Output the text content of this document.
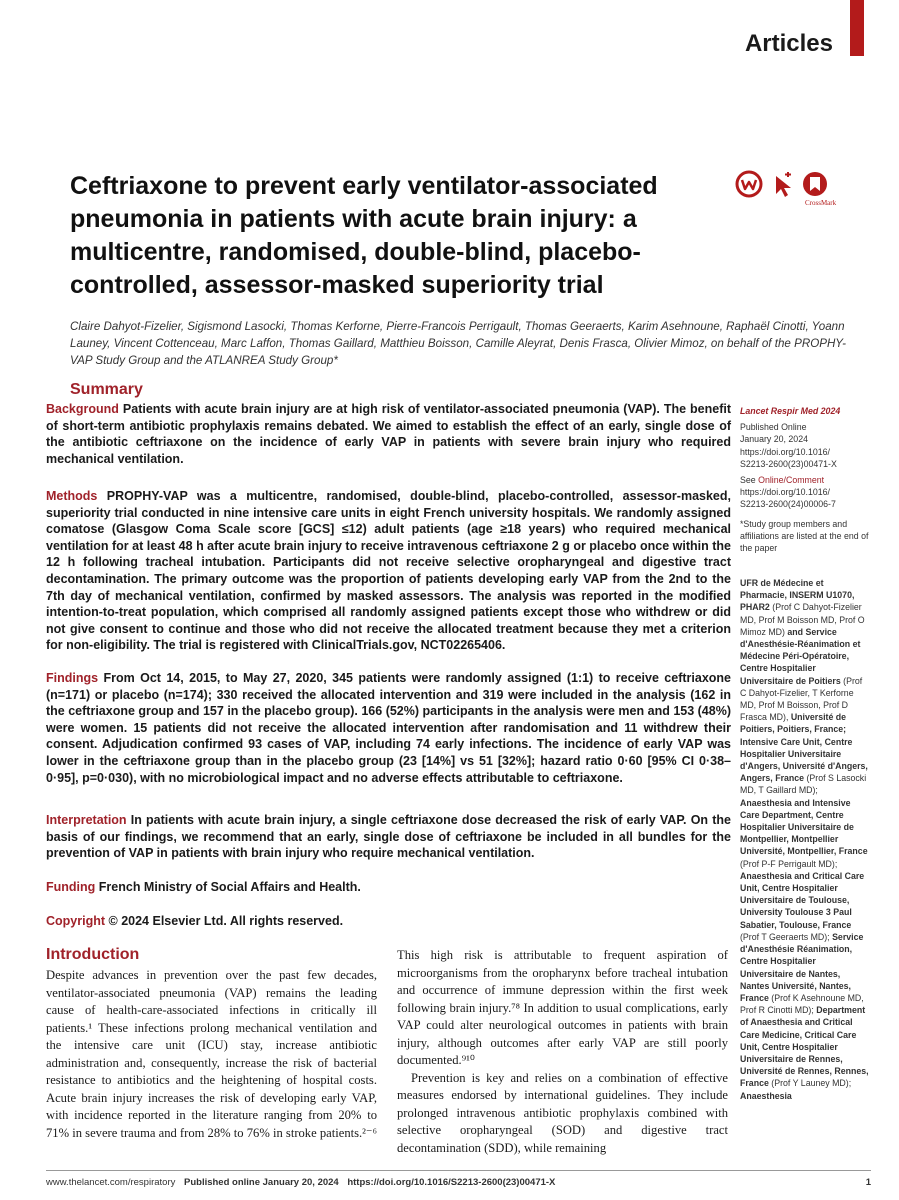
Articles
Ceftriaxone to prevent early ventilator-associated pneumonia in patients with acute brain injury: a multicentre, randomised, double-blind, placebo-controlled, assessor-masked superiority trial
CrossMark
Claire Dahyot-Fizelier, Sigismond Lasocki, Thomas Kerforne, Pierre-Francois Perrigault, Thomas Geeraerts, Karim Asehnoune, Raphaël Cinotti, Yoann Launey, Vincent Cottenceau, Marc Laffon, Thomas Gaillard, Matthieu Boisson, Camille Aleyrat, Denis Frasca, Olivier Mimoz, on behalf of the PROPHY-VAP Study Group and the ATLANREA Study Group*
Summary
Background Patients with acute brain injury are at high risk of ventilator-associated pneumonia (VAP). The benefit of short-term antibiotic prophylaxis remains debated. We aimed to establish the effect of an early, single dose of the antibiotic ceftriaxone on the incidence of early VAP in patients with severe brain injury who required mechanical ventilation.
Methods PROPHY-VAP was a multicentre, randomised, double-blind, placebo-controlled, assessor-masked, superiority trial conducted in nine intensive care units in eight French university hospitals. We randomly assigned comatose (Glasgow Coma Scale score [GCS] ≤12) adult patients (age ≥18 years) who required mechanical ventilation for at least 48 h after acute brain injury to receive intravenous ceftriaxone 2 g or placebo once within the 12 h following tracheal intubation. Participants did not receive selective oropharyngeal and digestive tract decontamination. The primary outcome was the proportion of patients developing early VAP from the 2nd to the 7th day of mechanical ventilation, confirmed by masked assessors. The analysis was reported in the modified intention-to-treat population, which comprised all randomly assigned patients except those who withdrew or did not give consent to continue and those who did not receive the allocated treatment because they met a criterion for non-eligibility. The trial is registered with ClinicalTrials.gov, NCT02265406.
Findings From Oct 14, 2015, to May 27, 2020, 345 patients were randomly assigned (1:1) to receive ceftriaxone (n=171) or placebo (n=174); 330 received the allocated intervention and 319 were included in the analysis (162 in the ceftriaxone group and 157 in the placebo group). 166 (52%) participants in the analysis were men and 153 (48%) were women. 15 patients did not receive the allocated intervention after randomisation and 11 withdrew their consent. Adjudication confirmed 93 cases of VAP, including 74 early infections. The incidence of early VAP was lower in the ceftriaxone group than in the placebo group (23 [14%] vs 51 [32%]; hazard ratio 0·60 [95% CI 0·38–0·95], p=0·030), with no microbiological impact and no adverse effects attributable to ceftriaxone.
Interpretation In patients with acute brain injury, a single ceftriaxone dose decreased the risk of early VAP. On the basis of our findings, we recommend that an early, single dose of ceftriaxone be included in all bundles for the prevention of VAP in patients with brain injury who require mechanical ventilation.
Funding French Ministry of Social Affairs and Health.
Copyright © 2024 Elsevier Ltd. All rights reserved.
Introduction

Despite advances in prevention over the past few decades, ventilator-associated pneumonia (VAP) remains the leading cause of health-care-associated infections in critically ill patients.¹ These infections prolong mechanical ventilation and the intensive care unit (ICU) stay, increase antibiotic administration and, consequently, increase the risk of bacterial resistance to antibiotics and the heightening of hospital costs. Acute brain injury increases the risk of developing early VAP, with incidence reported in the literature ranging from 20% to 71% in severe trauma and from 28% to 76% in stroke patients.²⁻⁶

This high risk is attributable to frequent aspiration of microorganisms from the oropharynx before tracheal intubation and occurrence of immune depression within the first week following brain injury.⁷⁸ In addition to usual complications, early VAP could alter neurological outcomes in patients with brain injury, although outcomes after early VAP are still poorly documented.⁹¹⁰

Prevention is key and relies on a combination of effective measures endorsed by international guidelines. They include prolonged intravenous antibiotic prophylaxis combined with selective oropharyngeal (SOD) and digestive tract decontamination (SDD), while remaining

Lancet Respir Med 2024
Published Online
January 20, 2024
https://doi.org/10.1016/
S2213-2600(23)00471-X
See Online/Comment
https://doi.org/10.1016/
S2213-2600(24)00006-7
*Study group members and affiliations are listed at the end of the paper
UFR de Médecine et Pharmacie, INSERM U1070, PHAR2 (Prof C Dahyot-Fizelier MD, Prof M Boisson MD, Prof O Mimoz MD) and Service d'Anesthésie-Réanimation et Médecine Péri-Opératoire, Centre Hospitalier Universitaire de Poitiers (Prof C Dahyot-Fizelier, T Kerforne MD, Prof M Boisson, Prof D Frasca MD), Université de Poitiers, Poitiers, France; Intensive Care Unit, Centre Hospitalier Universitaire d'Angers, Université d'Angers, Angers, France (Prof S Lasocki MD, T Gaillard MD); Anaesthesia and Intensive Care Department, Centre Hospitalier Universitaire de Montpellier, Montpellier Université, Montpellier, France (Prof P-F Perrigault MD); Anaesthesia and Critical Care Unit, Centre Hospitalier Universitaire de Toulouse, University Toulouse 3 Paul Sabatier, Toulouse, France (Prof T Geeraerts MD); Service d'Anesthésie Réanimation, Centre Hospitalier Universitaire de Nantes, Nantes Université, Nantes, France (Prof K Asehnoune MD, Prof R Cinotti MD); Department of Anaesthesia and Critical Care Medicine, Critical Care Unit, Centre Hospitalier Universitaire de Rennes, Université de Rennes, Rennes, France (Prof Y Launey MD); Anaesthesia
www.thelancet.com/respiratory Published online January 20, 2024 https://doi.org/10.1016/S2213-2600(23)00471-X	1
